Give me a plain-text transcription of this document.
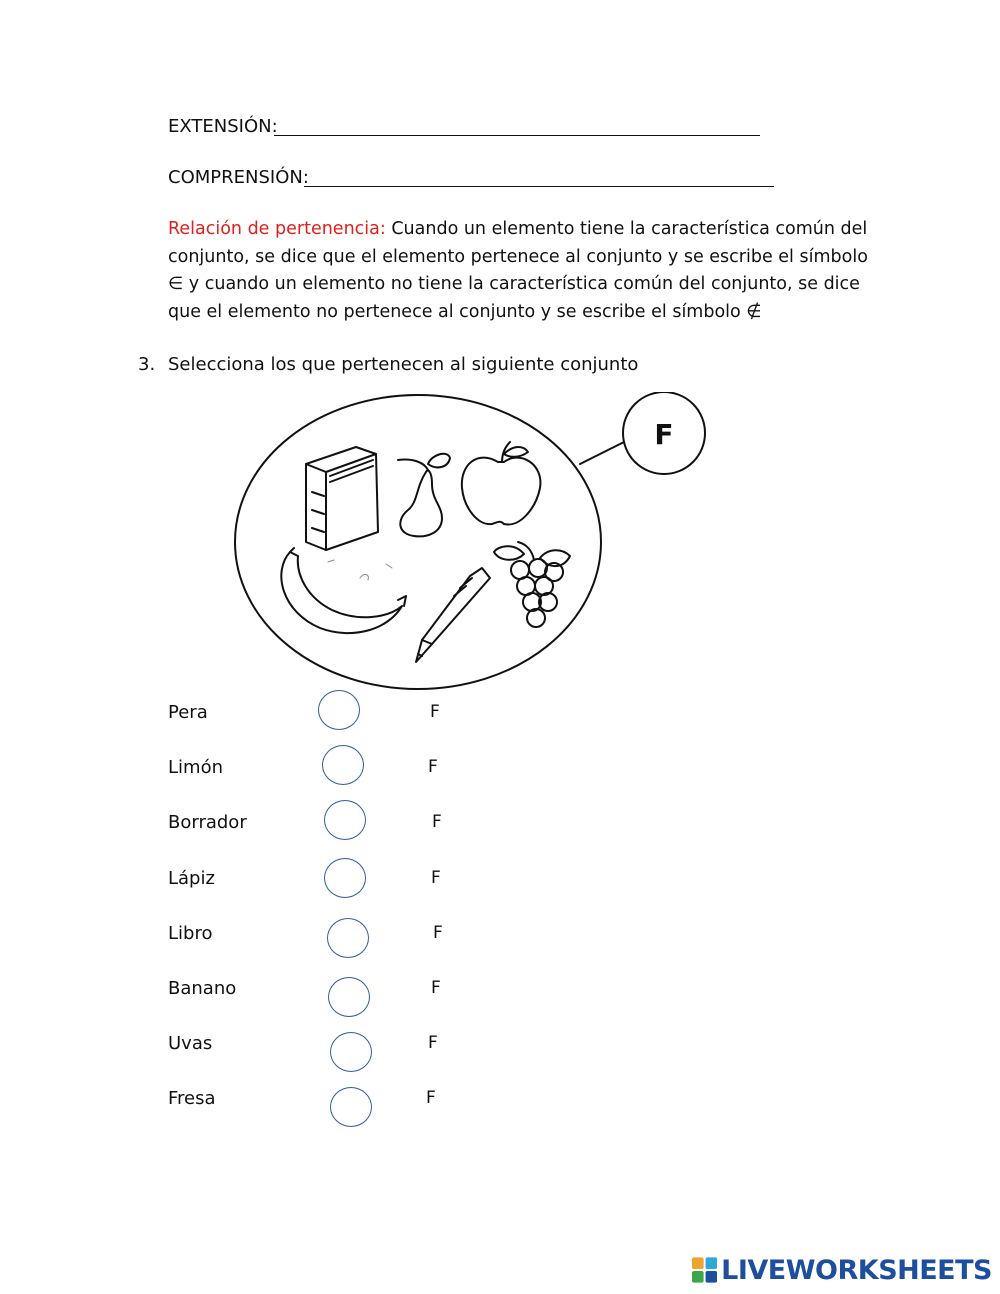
EXTENSIÓN:
COMPRENSIÓN:
Relación de pertenencia: Cuando un elemento tiene la característica común del conjunto, se dice que el elemento pertenece al conjunto y se escribe el símbolo ∈ y cuando un elemento no tiene la característica común del conjunto, se dice que el elemento no pertenece al conjunto y se escribe el símbolo ∉
3. Selecciona los que pertenecen al siguiente conjunto
F
Pera	F
Limón	F
Borrador	F
Lápiz	F
Libro	F
Banano	F
Uvas	F
Fresa	F
LIVEWORKSHEETS
